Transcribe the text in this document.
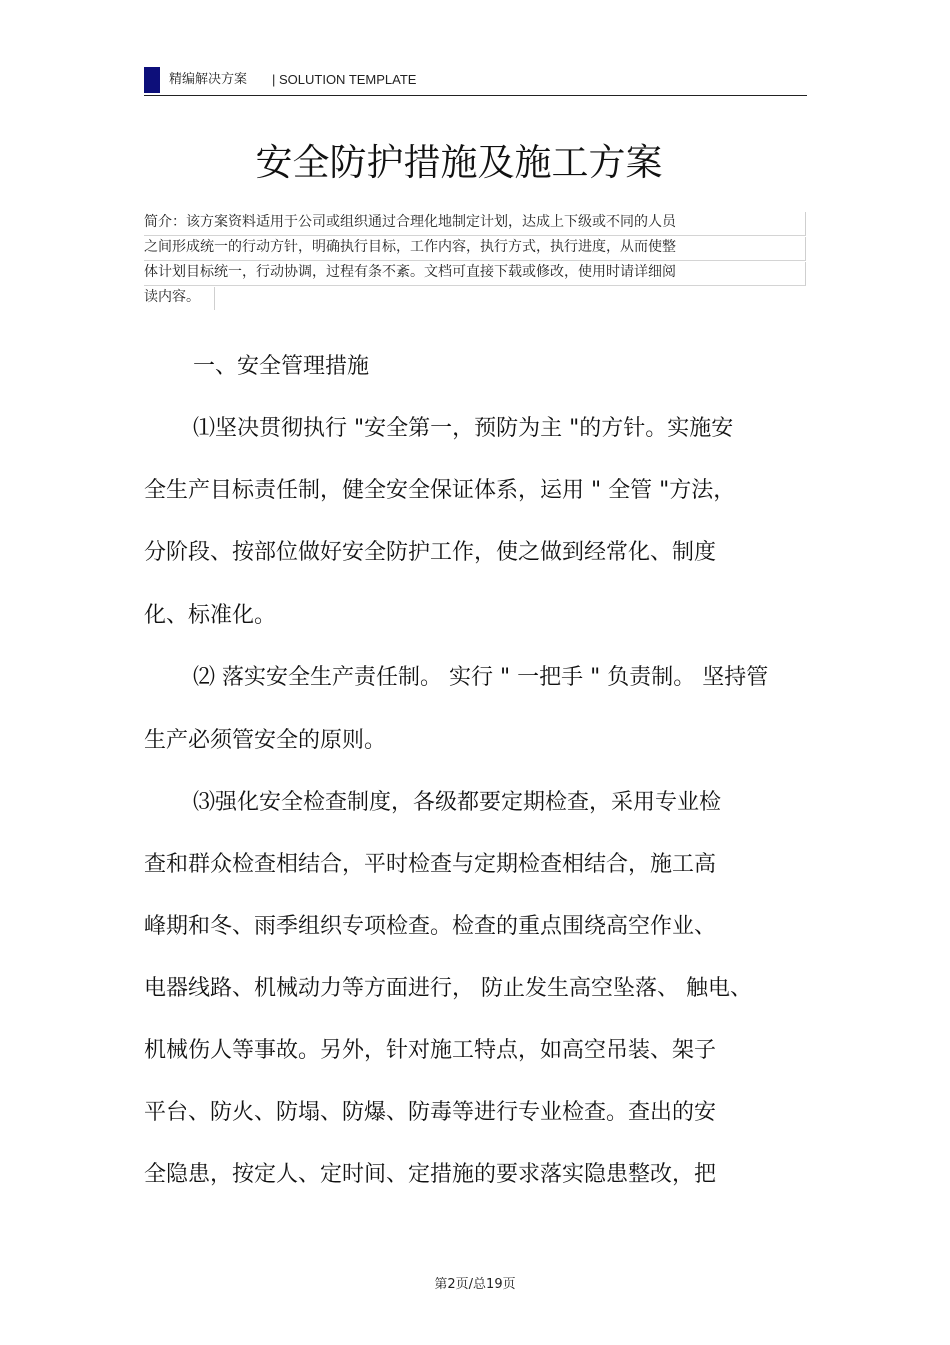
精编解决方案 | SOLUTION TEMPLATE
安全防护措施及施工方案
简介：该方案资料适用于公司或组织通过合理化地制定计划，达成上下级或不同的人员
之间形成统一的行动方针，明确执行目标，工作内容，执行方式，执行进度，从而使整
体计划目标统一，行动协调，过程有条不紊。文档可直接下载或修改，使用时请详细阅
读内容。
一、安全管理措施
⑴坚决贯彻执行 "安全第一，预防为主 "的方针。实施安
全生产目标责任制，健全安全保证体系，运用 " 全管 "方法，
分阶段、按部位做好安全防护工作，使之做到经常化、制度
化、标准化。
⑵ 落实安全生产责任制。 实行 " 一把手 " 负责制。 坚持管
生产必须管安全的原则。
⑶强化安全检查制度，各级都要定期检查，采用专业检
查和群众检查相结合，平时检查与定期检查相结合，施工高
峰期和冬、雨季组织专项检查。检查的重点围绕高空作业、
电器线路、机械动力等方面进行， 防止发生高空坠落、 触电、
机械伤人等事故。另外，针对施工特点，如高空吊装、架子
平台、防火、防塌、防爆、防毒等进行专业检查。查出的安
全隐患，按定人、定时间、定措施的要求落实隐患整改，把
第2页/总19页
